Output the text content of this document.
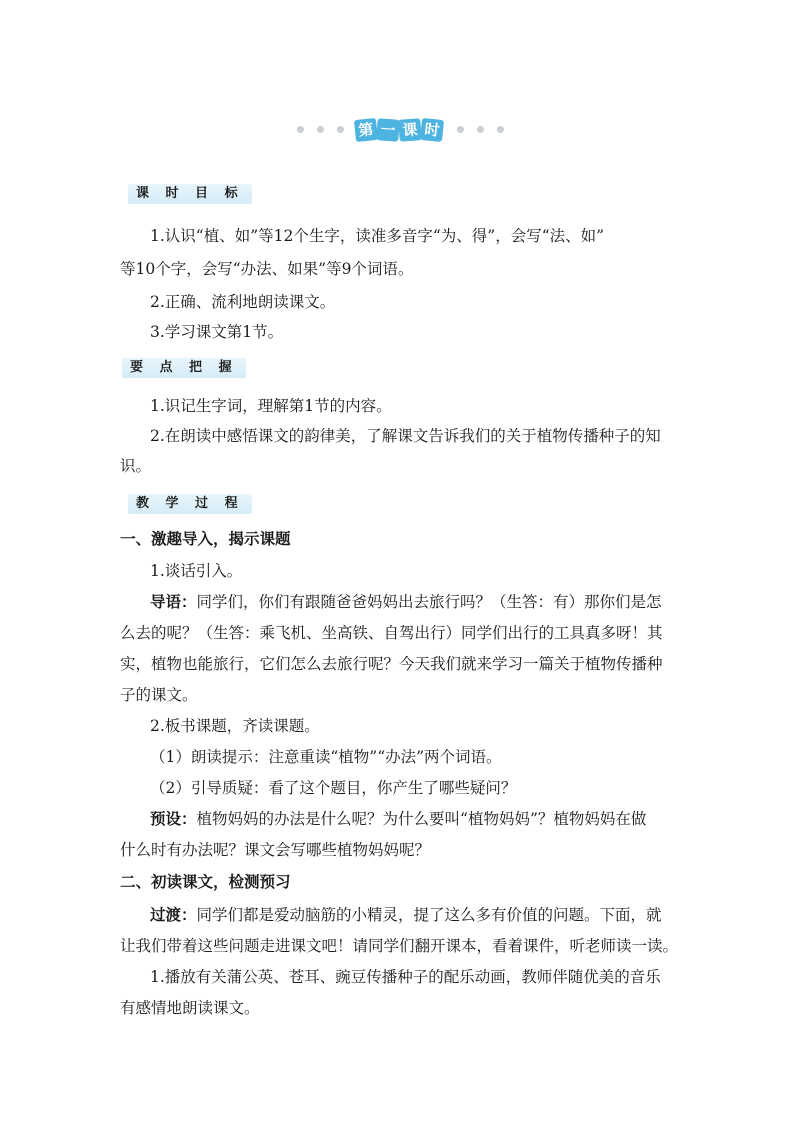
第 一 课 时
课 时 目 标
1.认识“植、如”等12个生字，读准多音字“为、得”，会写“法、如”
等10个字，会写“办法、如果”等9个词语。
2.正确、流利地朗读课文。
3.学习课文第1节。
要 点 把 握
1.识记生字词，理解第1节的内容。
2.在朗读中感悟课文的韵律美，了解课文告诉我们的关于植物传播种子的知
识。
教 学 过 程
一、激趣导入，揭示课题
1.谈话引入。
导语：同学们，你们有跟随爸爸妈妈出去旅行吗？（生答：有）那你们是怎
么去的呢？（生答：乘飞机、坐高铁、自驾出行）同学们出行的工具真多呀！其
实，植物也能旅行，它们怎么去旅行呢？今天我们就来学习一篇关于植物传播种
子的课文。
2.板书课题，齐读课题。
（1）朗读提示：注意重读“植物”“办法”两个词语。
（2）引导质疑：看了这个题目，你产生了哪些疑问？
预设：植物妈妈的办法是什么呢？为什么要叫“植物妈妈”？植物妈妈在做
什么时有办法呢？课文会写哪些植物妈妈呢？
二、初读课文，检测预习
过渡：同学们都是爱动脑筋的小精灵，提了这么多有价值的问题。下面，就
让我们带着这些问题走进课文吧！请同学们翻开课本，看着课件，听老师读一读。
1.播放有关蒲公英、苍耳、豌豆传播种子的配乐动画，教师伴随优美的音乐
有感情地朗读课文。
